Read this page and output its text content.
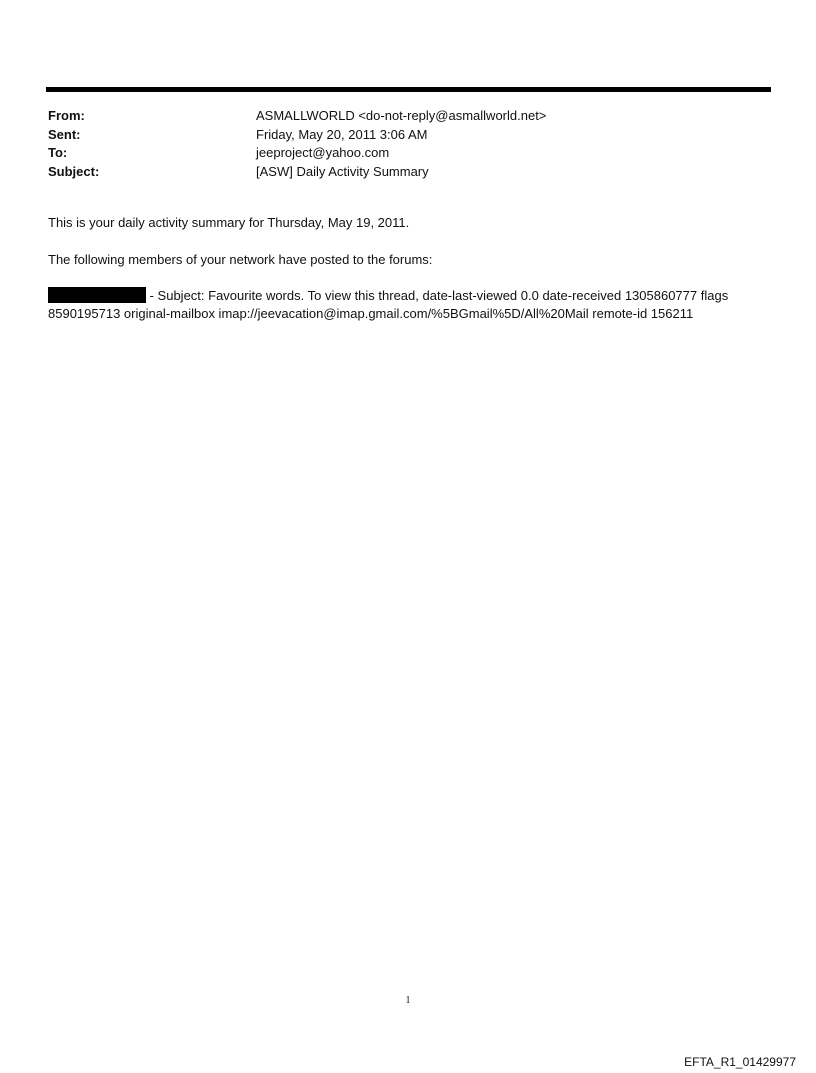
From:	ASMALLWORLD <do-not-reply@asmallworld.net>
Sent:	Friday, May 20, 2011 3:06 AM
To:	jeeproject@yahoo.com
Subject:	[ASW] Daily Activity Summary

This is your daily activity summary for Thursday, May 19, 2011.

The following members of your network have posted to the forums:

- Subject: Favourite words. To view this thread, date-last-viewed 0.0 date-received 1305860777 flags 8590195713 original-mailbox imap://jeevacation@imap.gmail.com/%5BGmail%5D/All%20Mail remote-id 156211

1
EFTA_R1_01429977
